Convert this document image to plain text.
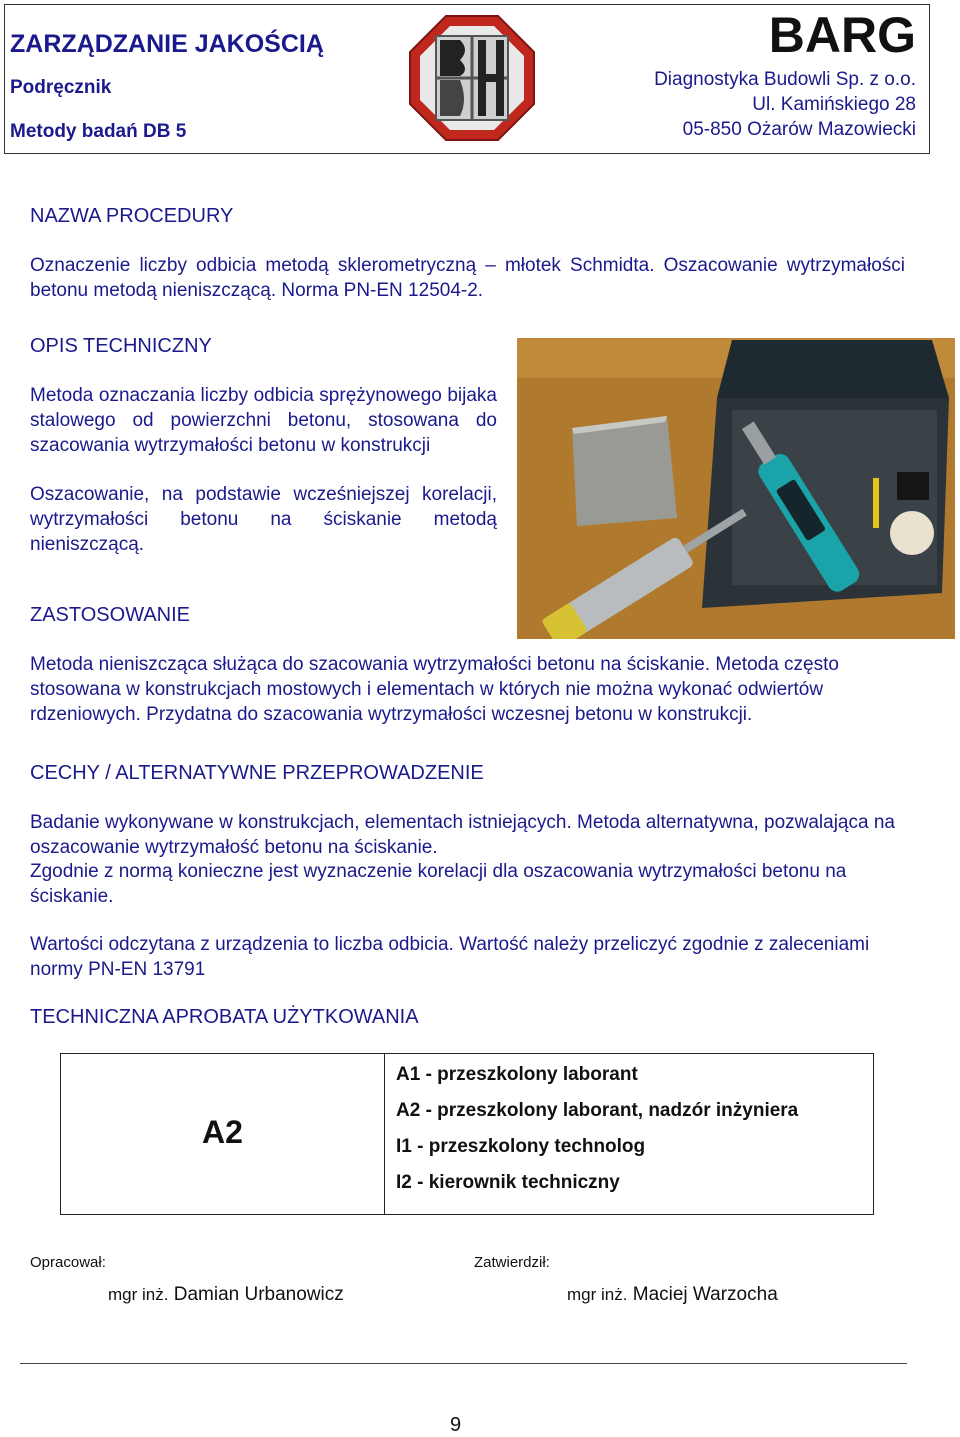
ZARZĄDZANIE JAKOŚCIĄ
Podręcznik
Metody badań DB 5
BARG
Diagnostyka Budowli Sp. z o.o.
Ul. Kamińskiego 28
05-850 Ożarów Mazowiecki
NAZWA PROCEDURY
Oznaczenie liczby odbicia metodą sklerometryczną – młotek Schmidta. Oszacowanie wytrzymałości betonu metodą nieniszczącą. Norma PN-EN 12504-2.
OPIS TECHNICZNY
Metoda oznaczania liczby odbicia sprężynowego bijaka stalowego od powierzchni betonu, stosowana do szacowania wytrzymałości betonu w konstrukcji
Oszacowanie, na podstawie wcześniejszej korelacji, wytrzymałości betonu na ściskanie metodą nieniszczącą.
ZASTOSOWANIE
Metoda nieniszcząca służąca do szacowania wytrzymałości betonu na ściskanie. Metoda często stosowana w konstrukcjach mostowych i elementach w których nie można wykonać odwiertów rdzeniowych. Przydatna do szacowania wytrzymałości wczesnej betonu w konstrukcji.
CECHY / ALTERNATYWNE PRZEPROWADZENIE
Badanie wykonywane w konstrukcjach, elementach istniejących. Metoda alternatywna, pozwalająca na oszacowanie wytrzymałość betonu na ściskanie.
Zgodnie z normą konieczne jest wyznaczenie korelacji dla oszacowania wytrzymałości betonu na ściskanie.
Wartości odczytana z urządzenia to liczba odbicia. Wartość należy przeliczyć zgodnie z zaleceniami normy PN-EN 13791
TECHNICZNA APROBATA UŻYTKOWANIA
A2
A1 - przeszkolony laborant
A2 - przeszkolony laborant, nadzór inżyniera
I1 - przeszkolony technolog
I2 - kierownik techniczny
Opracował:
mgr inż. Damian Urbanowicz
Zatwierdził:
mgr inż. Maciej Warzocha
9
